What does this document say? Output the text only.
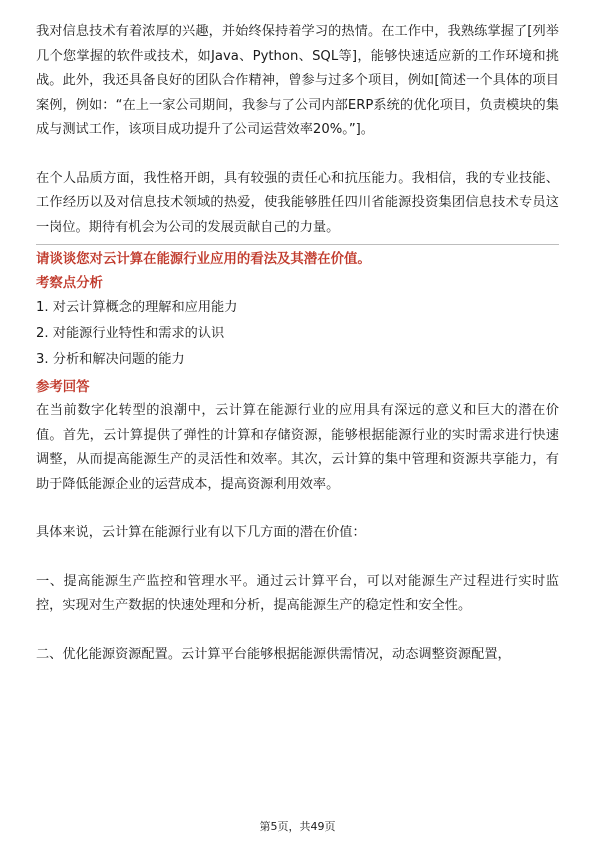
我对信息技术有着浓厚的兴趣，并始终保持着学习的热情。在工作中，我熟练掌握了[列举几个您掌握的软件或技术，如Java、Python、SQL等]，能够快速适应新的工作环境和挑战。此外，我还具备良好的团队合作精神，曾参与过多个项目，例如[简述一个具体的项目案例，例如：“在上一家公司期间，我参与了公司内部ERP系统的优化项目，负责模块的集成与测试工作，该项目成功提升了公司运营效率20%。”]。

在个人品质方面，我性格开朗，具有较强的责任心和抗压能力。我相信，我的专业技能、工作经历以及对信息技术领域的热爱，使我能够胜任四川省能源投资集团信息技术专员这一岗位。期待有机会为公司的发展贡献自己的力量。

请谈谈您对云计算在能源行业应用的看法及其潜在价值。

考察点分析

1. 对云计算概念的理解和应用能力
2. 对能源行业特性和需求的认识
3. 分析和解决问题的能力

参考回答

在当前数字化转型的浪潮中，云计算在能源行业的应用具有深远的意义和巨大的潜在价值。首先，云计算提供了弹性的计算和存储资源，能够根据能源行业的实时需求进行快速调整，从而提高能源生产的灵活性和效率。其次，云计算的集中管理和资源共享能力，有助于降低能源企业的运营成本，提高资源利用效率。

具体来说，云计算在能源行业有以下几方面的潜在价值：

一、提高能源生产监控和管理水平。通过云计算平台，可以对能源生产过程进行实时监控，实现对生产数据的快速处理和分析，提高能源生产的稳定性和安全性。

二、优化能源资源配置。云计算平台能够根据能源供需情况，动态调整资源配置，

第5页，共49页
